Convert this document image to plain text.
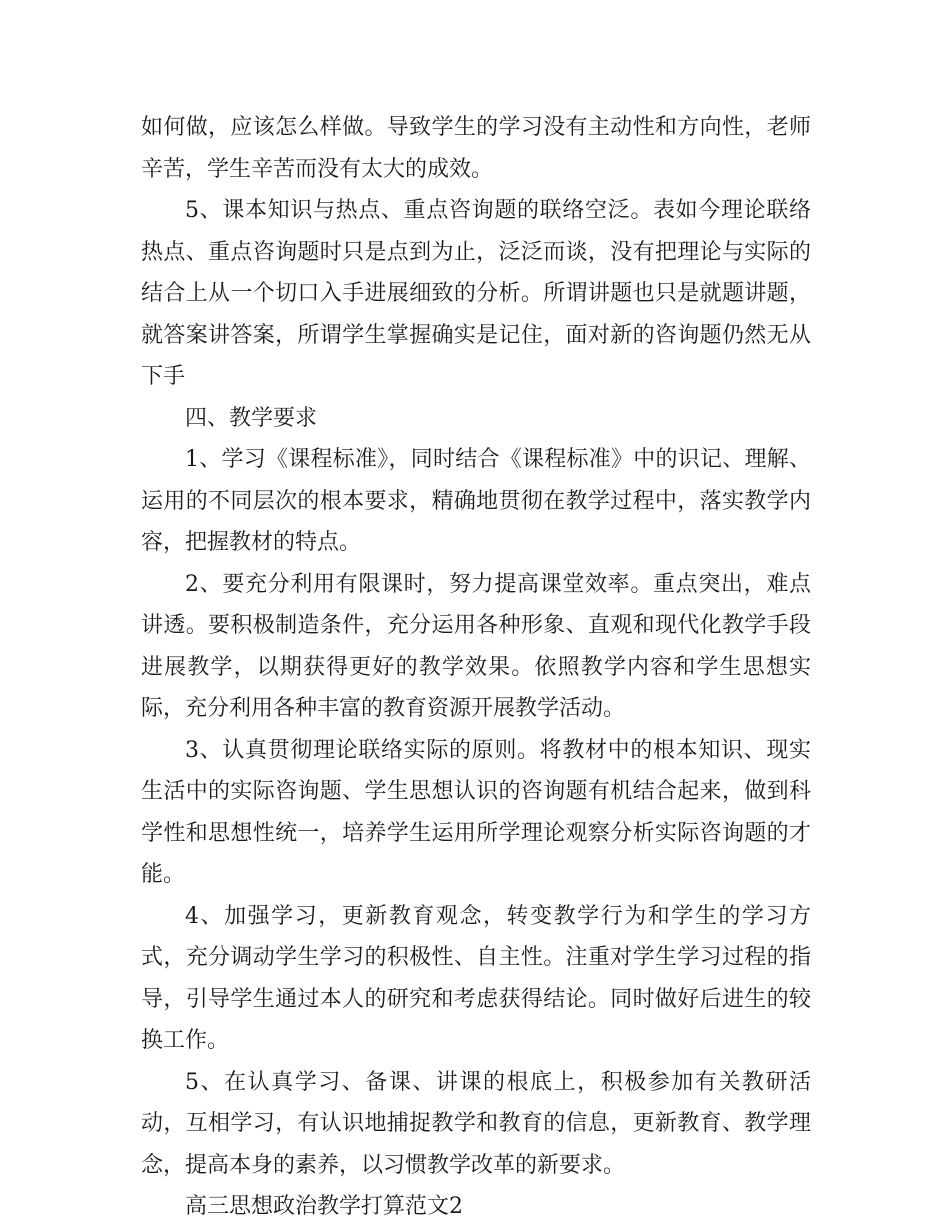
如何做，应该怎么样做。导致学生的学习没有主动性和方向性，老师辛苦，学生辛苦而没有太大的成效。

5、课本知识与热点、重点咨询题的联络空泛。表如今理论联络热点、重点咨询题时只是点到为止，泛泛而谈，没有把理论与实际的结合上从一个切口入手进展细致的分析。所谓讲题也只是就题讲题，就答案讲答案，所谓学生掌握确实是记住，面对新的咨询题仍然无从下手

四、教学要求

1、学习《课程标准》，同时结合《课程标准》中的识记、理解、运用的不同层次的根本要求，精确地贯彻在教学过程中，落实教学内容，把握教材的特点。

2、要充分利用有限课时，努力提高课堂效率。重点突出，难点讲透。要积极制造条件，充分运用各种形象、直观和现代化教学手段进展教学，以期获得更好的教学效果。依照教学内容和学生思想实际，充分利用各种丰富的教育资源开展教学活动。

3、认真贯彻理论联络实际的原则。将教材中的根本知识、现实生活中的实际咨询题、学生思想认识的咨询题有机结合起来，做到科学性和思想性统一，培养学生运用所学理论观察分析实际咨询题的才能。

4、加强学习，更新教育观念，转变教学行为和学生的学习方式，充分调动学生学习的积极性、自主性。注重对学生学习过程的指导，引导学生通过本人的研究和考虑获得结论。同时做好后进生的较换工作。

5、在认真学习、备课、讲课的根底上，积极参加有关教研活动，互相学习，有认识地捕捉教学和教育的信息，更新教育、教学理念，提高本身的素养，以习惯教学改革的新要求。

高三思想政治教学打算范文2
